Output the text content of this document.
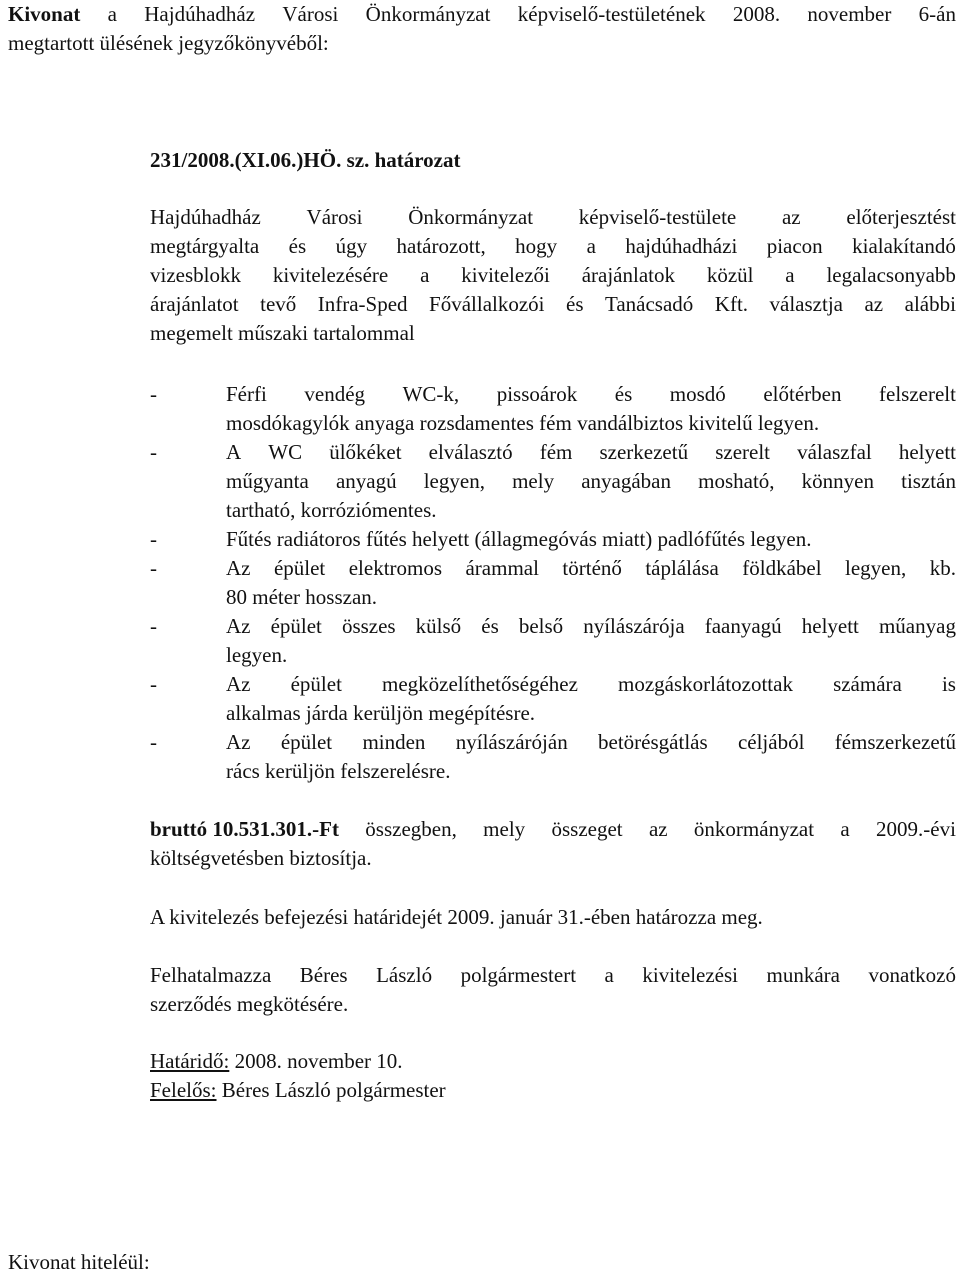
Kivonat a Hajdúhadház Városi Önkormányzat képviselő-testületének 2008. november 6-án
megtartott ülésének jegyzőkönyvéből:
231/2008.(XI.06.)HÖ. sz. határozat
Hajdúhadház Városi Önkormányzat képviselő-testülete az előterjesztést
megtárgyalta és úgy határozott, hogy a hajdúhadházi piacon kialakítandó
vizesblokk kivitelezésére a kivitelezői árajánlatok közül a legalacsonyabb
árajánlatot tevő Infra-Sped Fővállalkozói és Tanácsadó Kft. választja az alábbi
megemelt műszaki tartalommal
-	Férfi vendég WC-k, pissoárok és mosdó előtérben felszerelt
mosdókagylók anyaga rozsdamentes fém vandálbiztos kivitelű legyen.
-	A WC ülőkéket elválasztó fém szerkezetű szerelt válaszfal helyett
műgyanta anyagú legyen, mely anyagában mosható, könnyen tisztán
tartható, korróziómentes.
-	Fűtés radiátoros fűtés helyett (állagmegóvás miatt) padlófűtés legyen.
-	Az épület elektromos árammal történő táplálása földkábel legyen, kb.
80 méter hosszan.
-	Az épület összes külső és belső nyílászárója faanyagú helyett műanyag
legyen.
-	Az épület megközelíthetőségéhez mozgáskorlátozottak számára is
alkalmas járda kerüljön megépítésre.
-	Az épület minden nyílászáróján betörésgátlás céljából fémszerkezetű
rács kerüljön felszerelésre.
bruttó 10.531.301.-Ft összegben, mely összeget az önkormányzat a 2009.-évi
költségvetésben biztosítja.
A kivitelezés befejezési határidejét 2009. január 31.-ében határozza meg.
Felhatalmazza Béres László polgármestert a kivitelezési munkára vonatkozó
szerződés megkötésére.
Határidő: 2008. november 10.
Felelős: Béres László polgármester
Kivonat hiteléül:
